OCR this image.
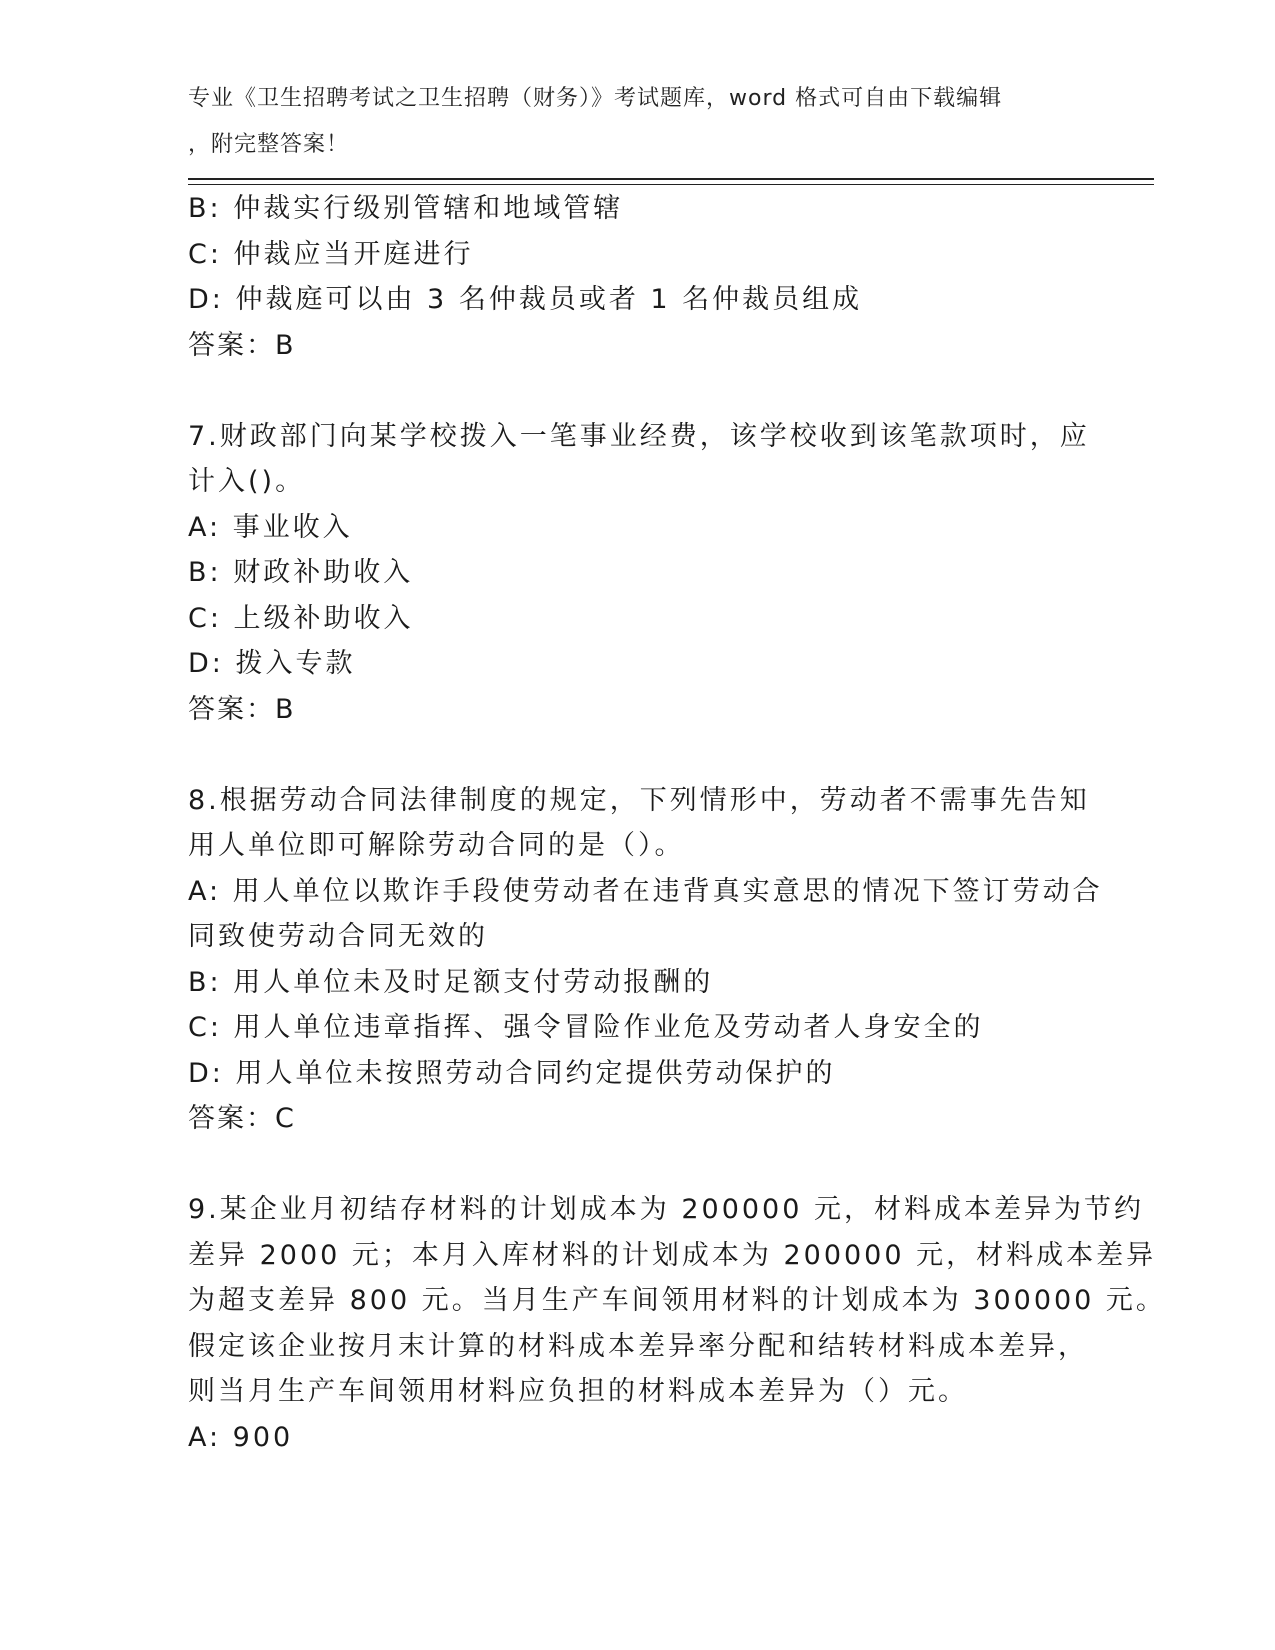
专业《卫生招聘考试之卫生招聘（财务）》考试题库，word 格式可自由下载编辑
，附完整答案！
B: 仲裁实行级别管辖和地域管辖
C: 仲裁应当开庭进行
D: 仲裁庭可以由 3 名仲裁员或者 1 名仲裁员组成
答案：B
7.财政部门向某学校拨入一笔事业经费，该学校收到该笔款项时，应
计入()。
A: 事业收入
B: 财政补助收入
C: 上级补助收入
D: 拨入专款
答案：B
8.根据劳动合同法律制度的规定，下列情形中，劳动者不需事先告知
用人单位即可解除劳动合同的是（）。
A: 用人单位以欺诈手段使劳动者在违背真实意思的情况下签订劳动合
同致使劳动合同无效的
B: 用人单位未及时足额支付劳动报酬的
C: 用人单位违章指挥、强令冒险作业危及劳动者人身安全的
D: 用人单位未按照劳动合同约定提供劳动保护的
答案：C
9.某企业月初结存材料的计划成本为 200000 元，材料成本差异为节约
差异 2000 元；本月入库材料的计划成本为 200000 元，材料成本差异
为超支差异 800 元。当月生产车间领用材料的计划成本为 300000 元。
假定该企业按月末计算的材料成本差异率分配和结转材料成本差异，
则当月生产车间领用材料应负担的材料成本差异为（）元。
A: 900
